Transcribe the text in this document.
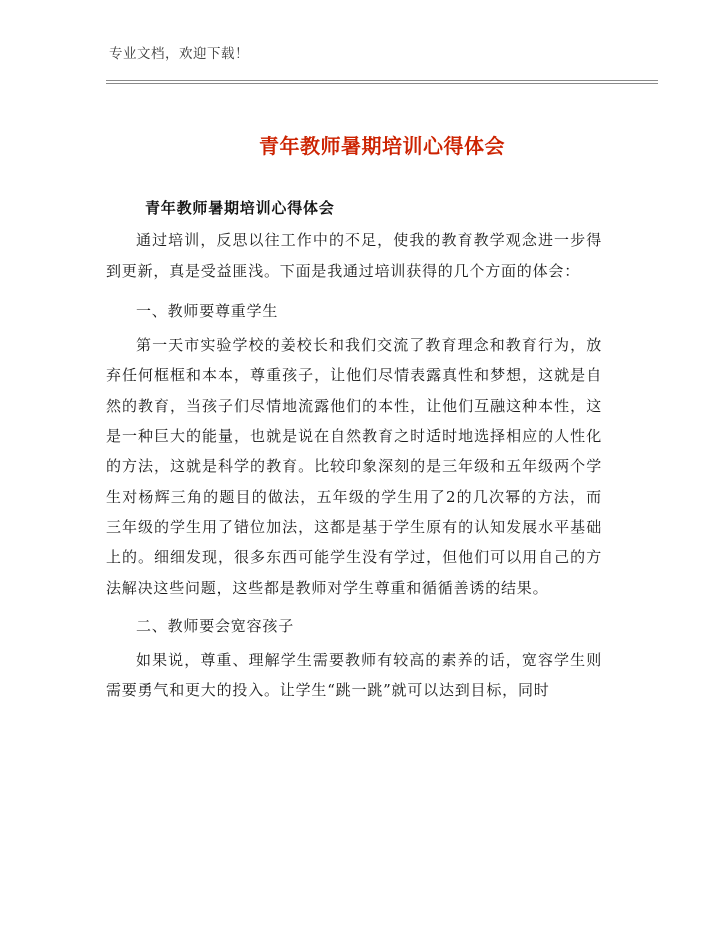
专业文档，欢迎下载！
青年教师暑期培训心得体会

青年教师暑期培训心得体会

通过培训，反思以往工作中的不足，使我的教育教学观念进一步得到更新，真是受益匪浅。下面是我通过培训获得的几个方面的体会：

一、教师要尊重学生

第一天市实验学校的姜校长和我们交流了教育理念和教育行为，放弃任何框框和本本，尊重孩子，让他们尽情表露真性和梦想，这就是自然的教育，当孩子们尽情地流露他们的本性，让他们互融这种本性，这是一种巨大的能量，也就是说在自然教育之时适时地选择相应的人性化的方法，这就是科学的教育。比较印象深刻的是三年级和五年级两个学生对杨辉三角的题目的做法，五年级的学生用了2的几次幂的方法，而三年级的学生用了错位加法，这都是基于学生原有的认知发展水平基础上的。细细发现，很多东西可能学生没有学过，但他们可以用自己的方法解决这些问题，这些都是教师对学生尊重和循循善诱的结果。

二、教师要会宽容孩子

如果说，尊重、理解学生需要教师有较高的素养的话，宽容学生则需要勇气和更大的投入。让学生“跳一跳”就可以达到目标，同时
